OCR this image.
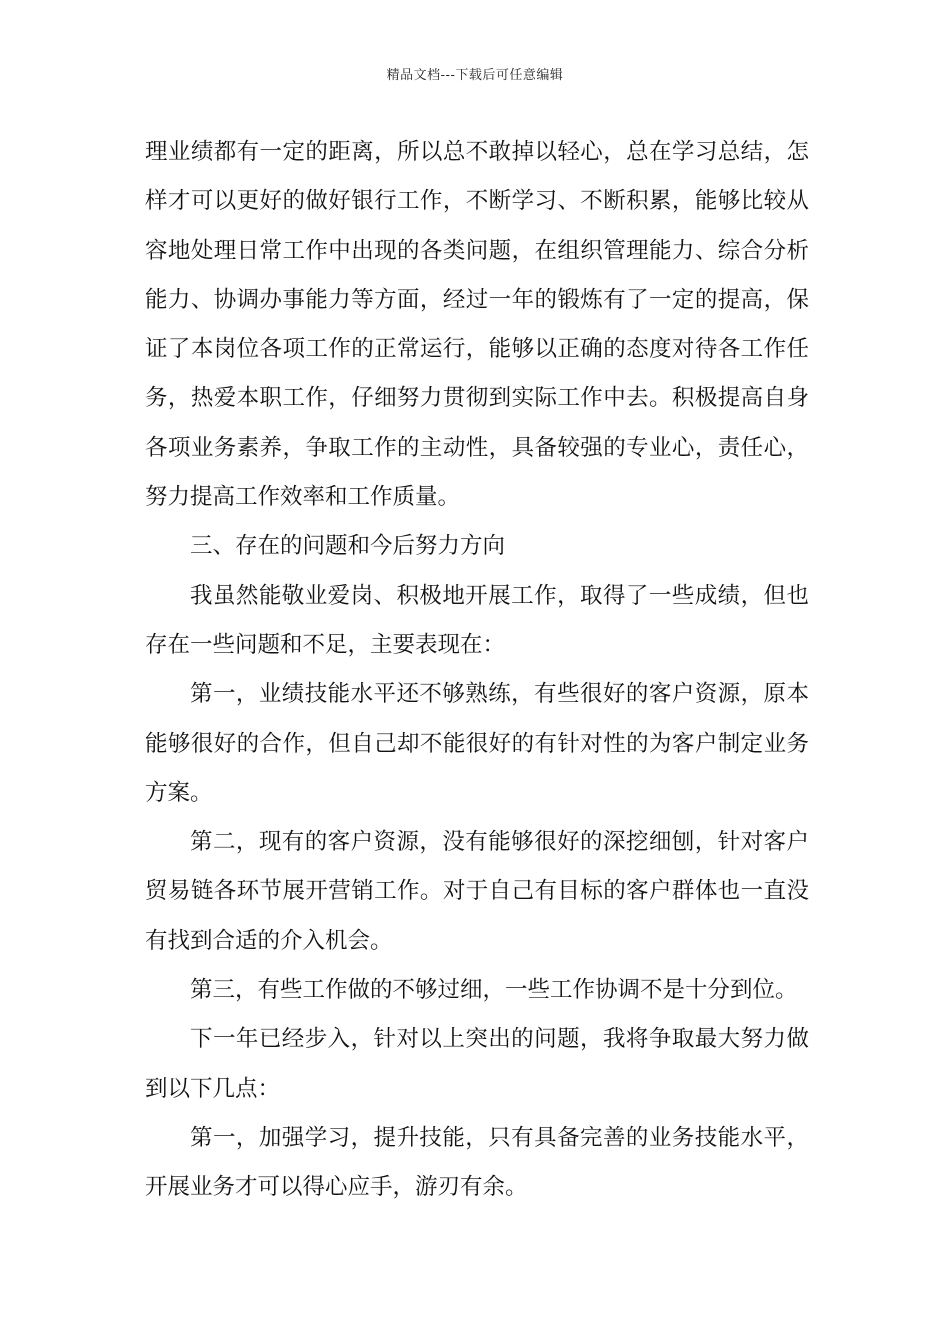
精品文档---下载后可任意编辑
理业绩都有一定的距离，所以总不敢掉以轻心，总在学习总结，怎
样才可以更好的做好银行工作，不断学习、不断积累，能够比较从
容地处理日常工作中出现的各类问题，在组织管理能力、综合分析
能力、协调办事能力等方面，经过一年的锻炼有了一定的提高，保
证了本岗位各项工作的正常运行，能够以正确的态度对待各工作任
务，热爱本职工作，仔细努力贯彻到实际工作中去。积极提高自身
各项业务素养，争取工作的主动性，具备较强的专业心，责任心，
努力提高工作效率和工作质量。
三、存在的问题和今后努力方向
我虽然能敬业爱岗、积极地开展工作，取得了一些成绩，但也
存在一些问题和不足，主要表现在：
第一，业绩技能水平还不够熟练，有些很好的客户资源，原本
能够很好的合作，但自己却不能很好的有针对性的为客户制定业务
方案。
第二，现有的客户资源，没有能够很好的深挖细刨，针对客户
贸易链各环节展开营销工作。对于自己有目标的客户群体也一直没
有找到合适的介入机会。
第三，有些工作做的不够过细，一些工作协调不是十分到位。
下一年已经步入，针对以上突出的问题，我将争取最大努力做
到以下几点：
第一，加强学习，提升技能，只有具备完善的业务技能水平，
开展业务才可以得心应手，游刃有余。
